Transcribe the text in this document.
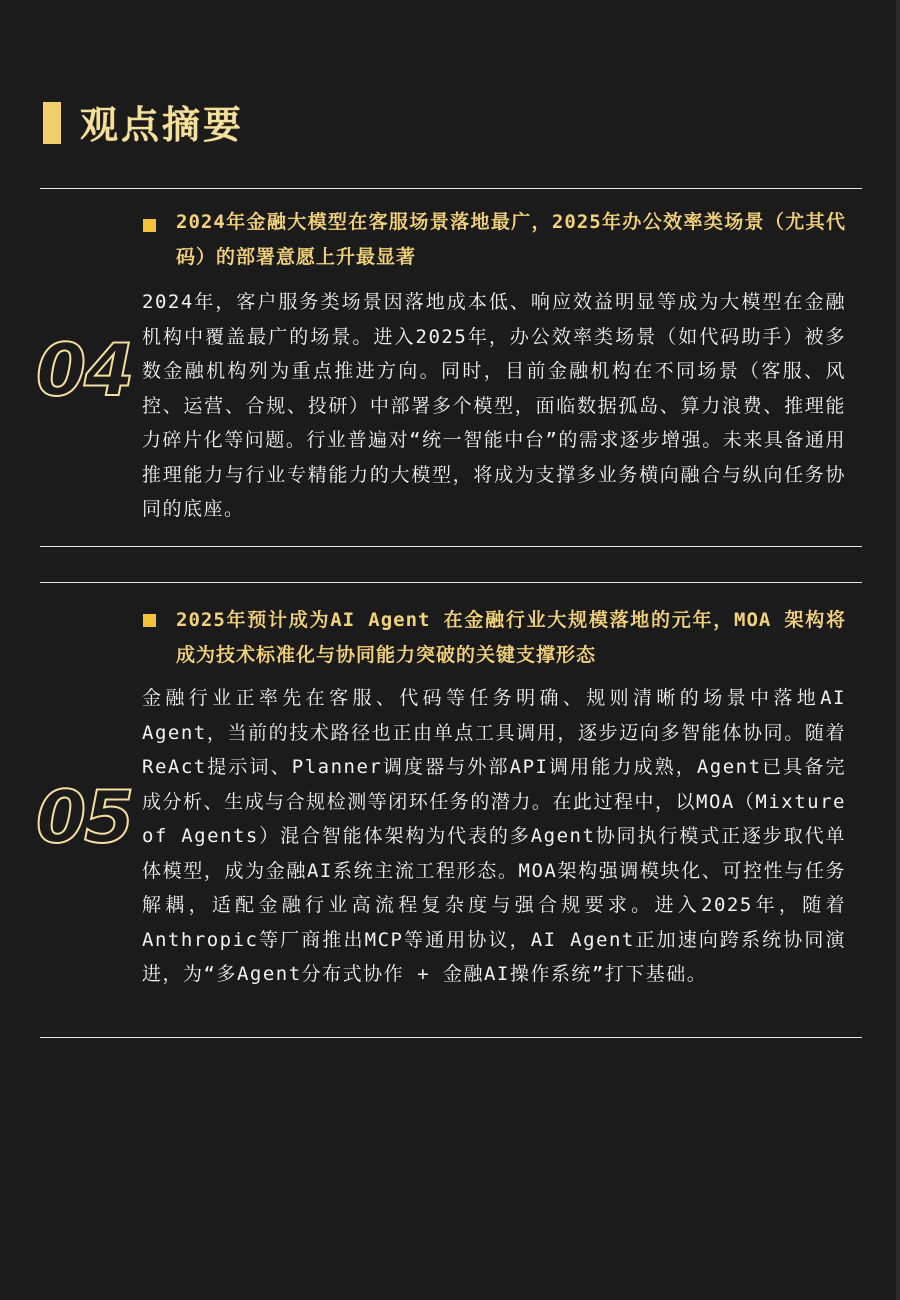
观点摘要
2024年金融大模型在客服场景落地最广，2025年办公效率类场景（尤其代码）的部署意愿上升最显著
04
2024年，客户服务类场景因落地成本低、响应效益明显等成为大模型在金融机构中覆盖最广的场景。进入2025年，办公效率类场景（如代码助手）被多数金融机构列为重点推进方向。同时，目前金融机构在不同场景（客服、风控、运营、合规、投研）中部署多个模型，面临数据孤岛、算力浪费、推理能力碎片化等问题。行业普遍对“统一智能中台”的需求逐步增强。未来具备通用推理能力与行业专精能力的大模型，将成为支撑多业务横向融合与纵向任务协同的底座。
2025年预计成为AI Agent 在金融行业大规模落地的元年，MOA 架构将成为技术标准化与协同能力突破的关键支撑形态
05
金融行业正率先在客服、代码等任务明确、规则清晰的场景中落地AI Agent，当前的技术路径也正由单点工具调用，逐步迈向多智能体协同。随着ReAct提示词、Planner调度器与外部API调用能力成熟，Agent已具备完成分析、生成与合规检测等闭环任务的潜力。在此过程中，以MOA（Mixture of Agents）混合智能体架构为代表的多Agent协同执行模式正逐步取代单体模型，成为金融AI系统主流工程形态。MOA架构强调模块化、可控性与任务解耦，适配金融行业高流程复杂度与强合规要求。进入2025年，随着Anthropic等厂商推出MCP等通用协议，AI Agent正加速向跨系统协同演进，为“多Agent分布式协作 + 金融AI操作系统”打下基础。
